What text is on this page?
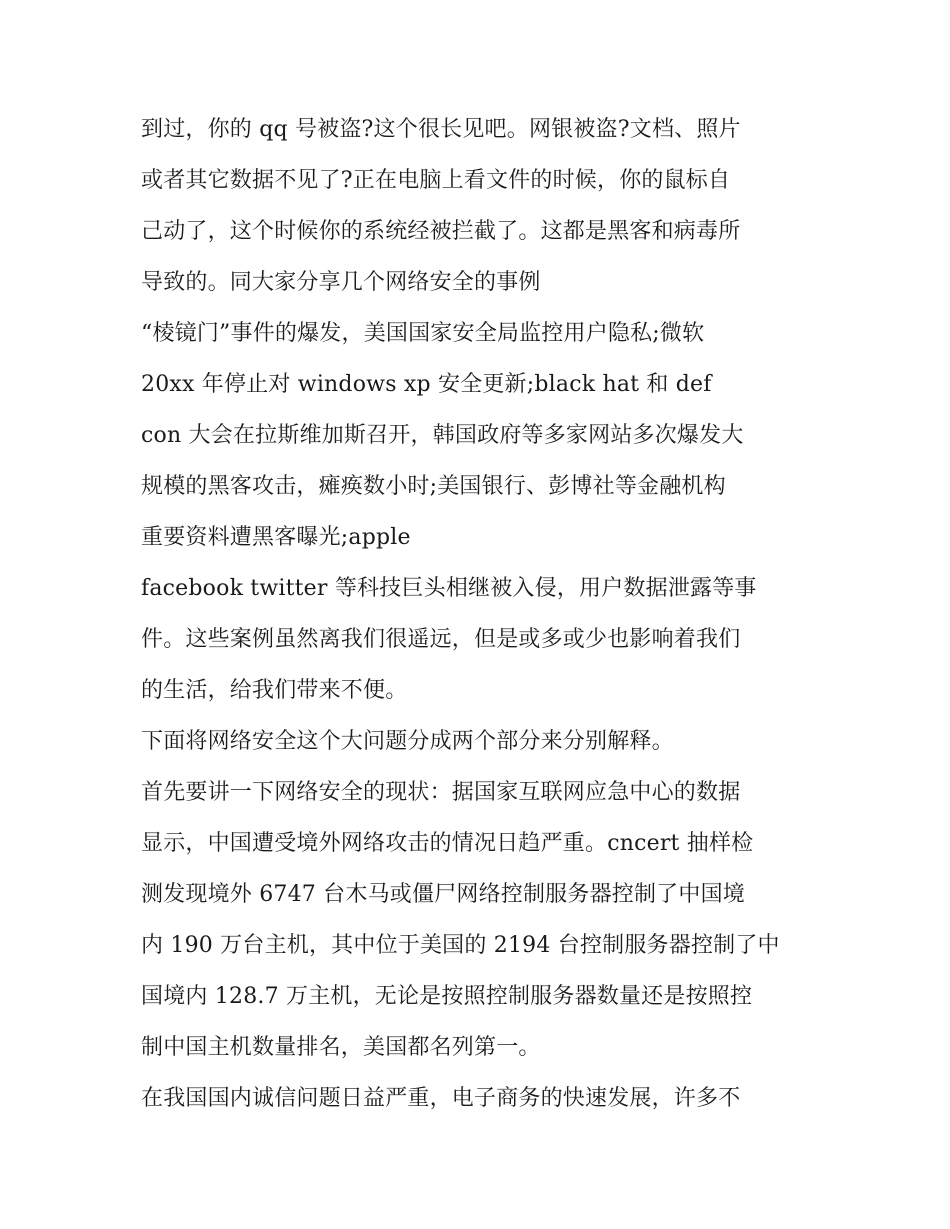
到过，你的 qq 号被盗?这个很长见吧。网银被盗?文档、照片
或者其它数据不见了?正在电脑上看文件的时候，你的鼠标自
己动了，这个时候你的系统经被拦截了。这都是黑客和病毒所
导致的。同大家分享几个网络安全的事例
“棱镜门”事件的爆发，美国国家安全局监控用户隐私;微软
20xx 年停止对 windows xp 安全更新;black hat 和 def
con 大会在拉斯维加斯召开，韩国政府等多家网站多次爆发大
规模的黑客攻击，瘫痪数小时;美国银行、彭博社等金融机构
重要资料遭黑客曝光;apple
facebook twitter 等科技巨头相继被入侵，用户数据泄露等事
件。这些案例虽然离我们很遥远，但是或多或少也影响着我们
的生活，给我们带来不便。
下面将网络安全这个大问题分成两个部分来分别解释。
首先要讲一下网络安全的现状：据国家互联网应急中心的数据
显示，中国遭受境外网络攻击的情况日趋严重。cncert 抽样检
测发现境外 6747 台木马或僵尸网络控制服务器控制了中国境
内 190 万台主机，其中位于美国的 2194 台控制服务器控制了中
国境内 128.7 万主机，无论是按照控制服务器数量还是按照控
制中国主机数量排名，美国都名列第一。
在我国国内诚信问题日益严重，电子商务的快速发展，许多不
